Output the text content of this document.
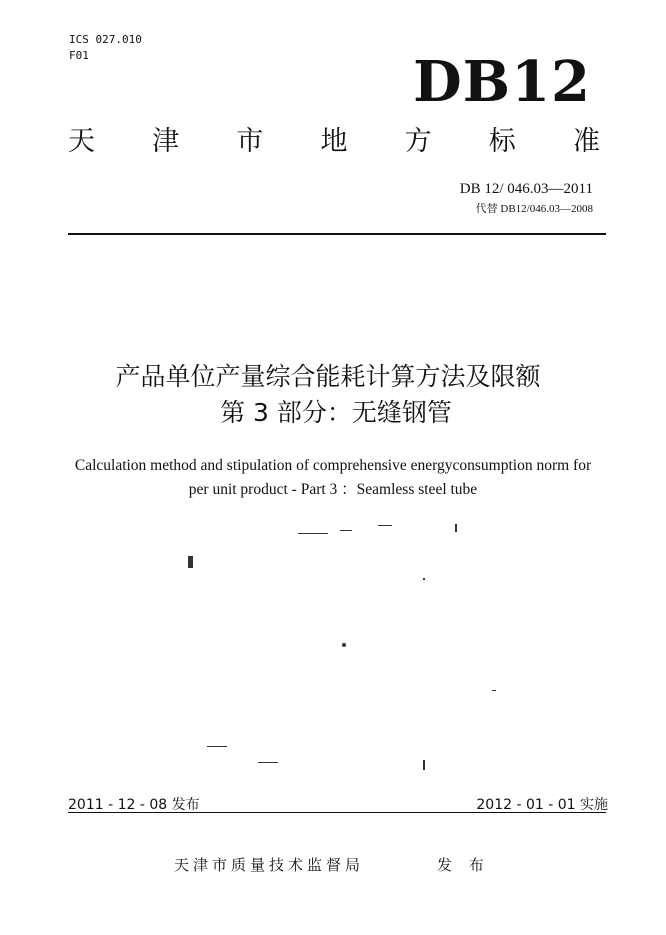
ICS 027.010
F01	DB12
天 津 市 地 方 标 准
DB 12/ 046.03—2011
代替 DB12/046.03—2008
产品单位产量综合能耗计算方法及限额
第 3 部分：无缝钢管
Calculation method and stipulation of comprehensive energyconsumption norm for
per unit product - Part 3 ：Seamless steel tube
2011 - 12 - 08 发布	2012 - 01 - 01 实施
天津市质量技术监督局	发 布
